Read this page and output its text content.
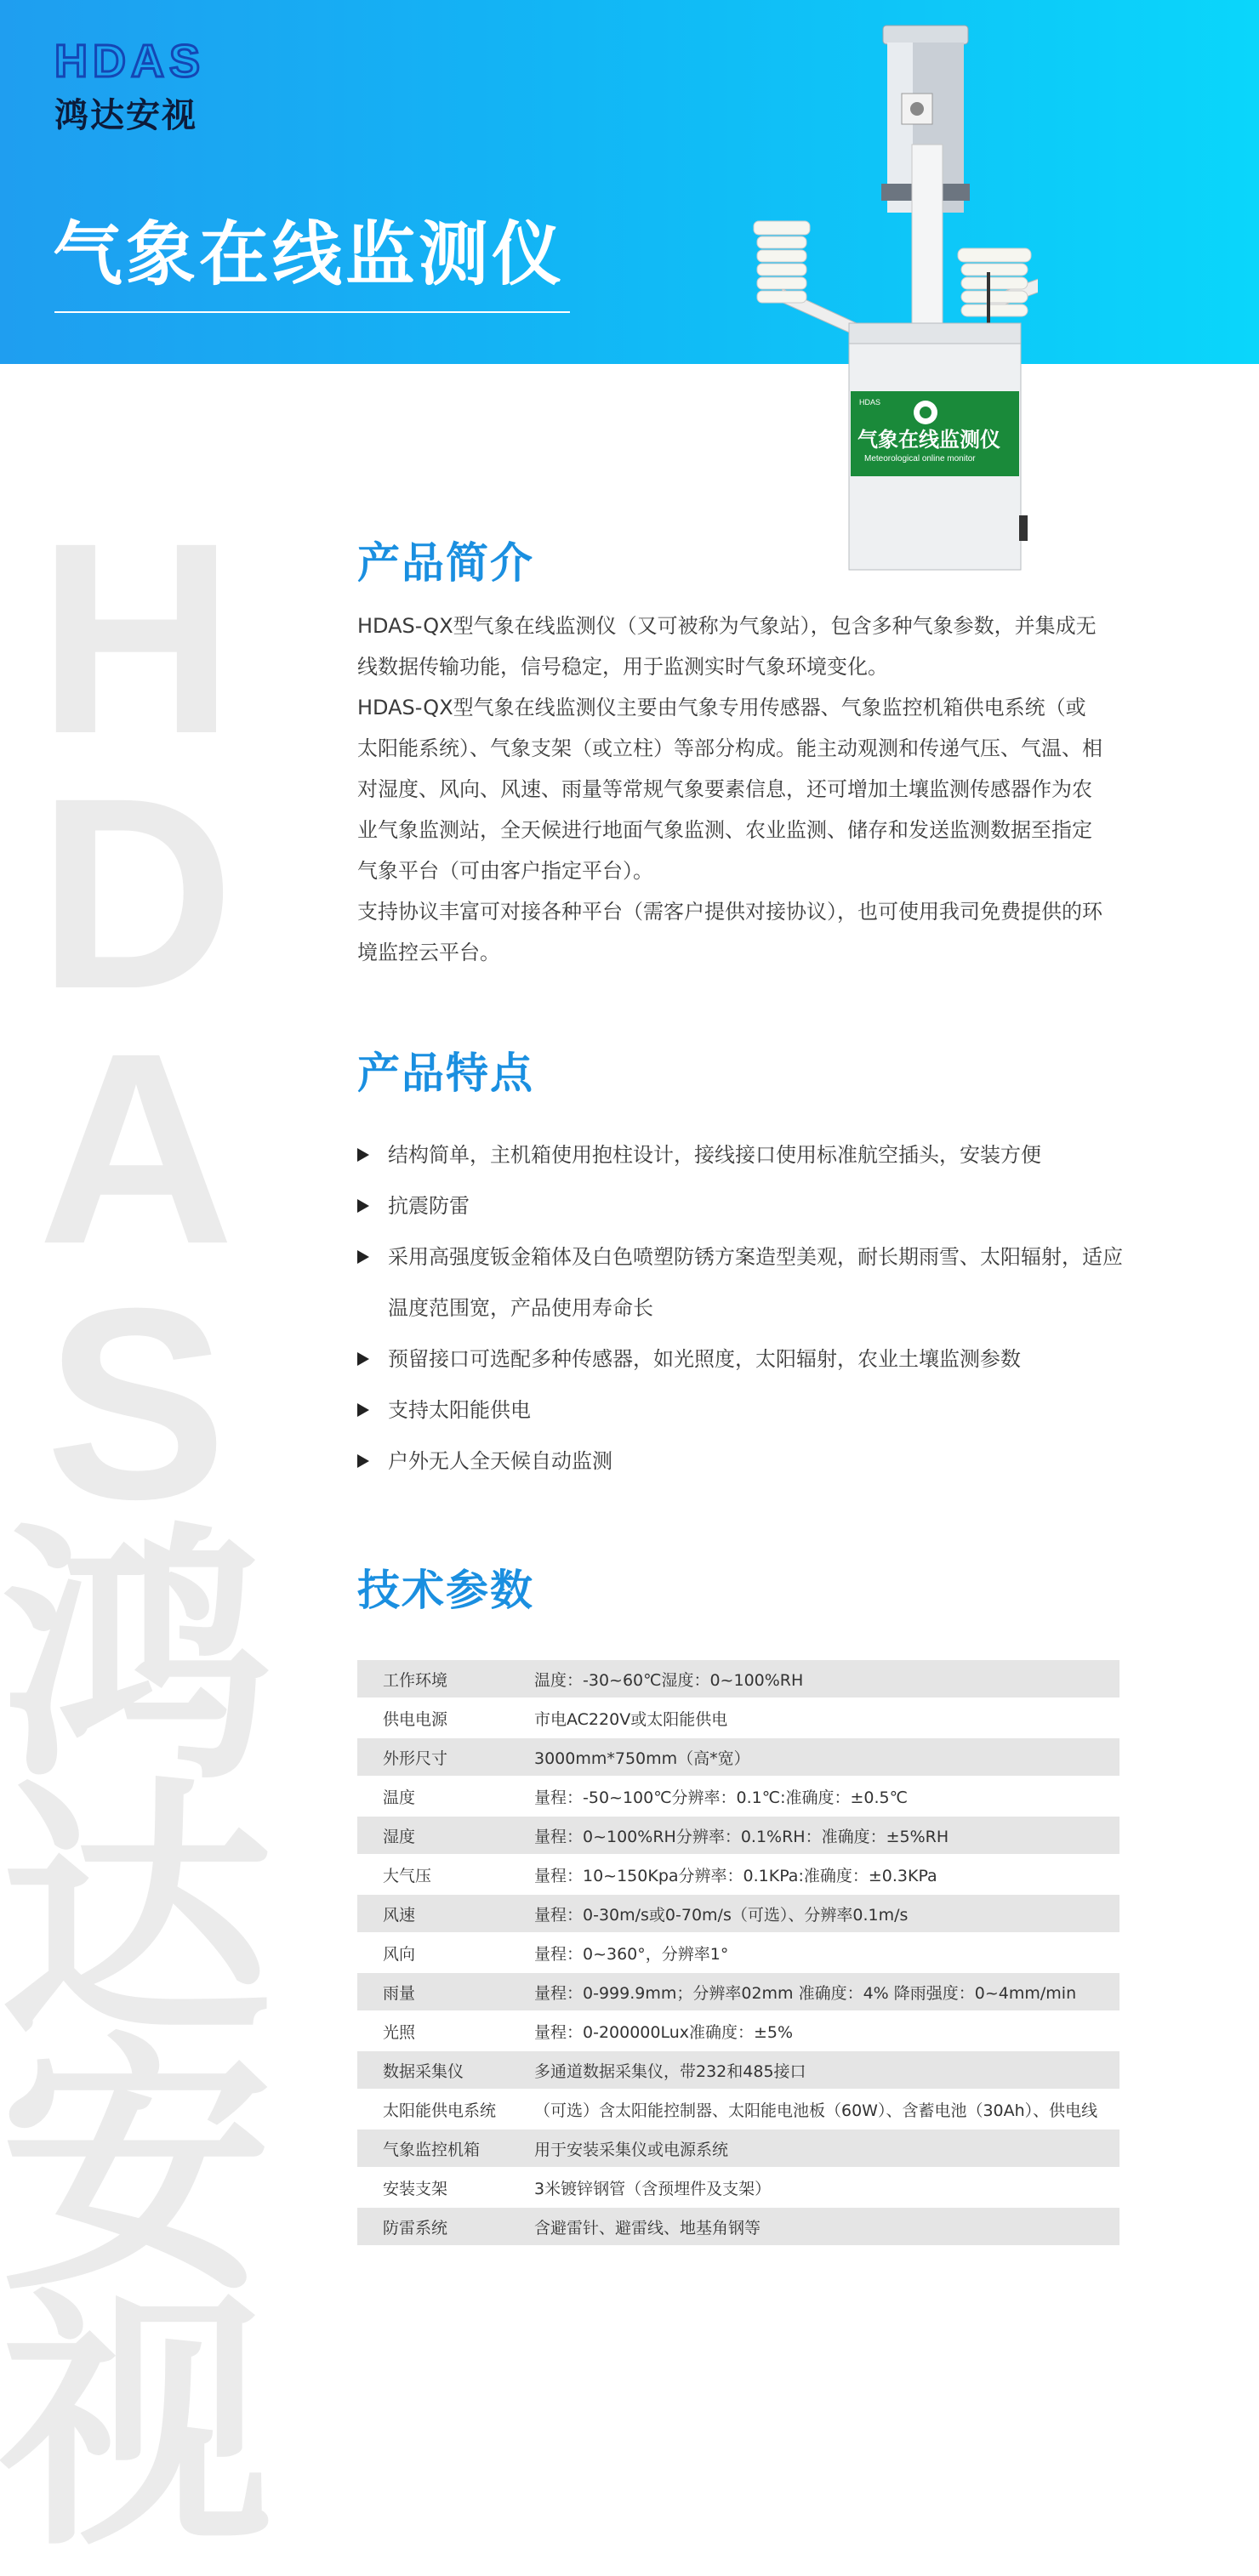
HDAS
鸿达安视
气象在线监测仪
H
D
A
S
鸿
达
安
视
HDAS
气象在线监测仪
Meteorological online monitor
产品简介

HDAS-QX型气象在线监测仪（又可被称为气象站），包含多种气象参数，并集成无线数据传输功能，信号稳定，用于监测实时气象环境变化。

HDAS-QX型气象在线监测仪主要由气象专用传感器、气象监控机箱供电系统（或太阳能系统）、气象支架（或立柱）等部分构成。能主动观测和传递气压、气温、相对湿度、风向、风速、雨量等常规气象要素信息，还可增加土壤监测传感器作为农业气象监测站，全天候进行地面气象监测、农业监测、储存和发送监测数据至指定气象平台（可由客户指定平台）。

支持协议丰富可对接各种平台（需客户提供对接协议），也可使用我司免费提供的环境监控云平台。

产品特点
结构简单，主机箱使用抱柱设计，接线接口使用标准航空插头，安装方便
抗震防雷
采用高强度钣金箱体及白色喷塑防锈方案造型美观，耐长期雨雪、太阳辐射，适应温度范围宽，产品使用寿命长
预留接口可选配多种传感器，如光照度，太阳辐射，农业土壤监测参数
支持太阳能供电
户外无人全天候自动监测
技术参数
工作环境	温度：-30~60℃湿度：0~100%RH
供电电源	市电AC220V或太阳能供电
外形尺寸	3000mm*750mm（高*宽）
温度	量程：-50~100℃分辨率：0.1℃:准确度：±0.5℃
湿度	量程：0~100%RH分辨率：0.1%RH：准确度：±5%RH
大气压	量程：10~150Kpa分辨率：0.1KPa:准确度：±0.3KPa
风速	量程：0-30m/s或0-70m/s（可选）、分辨率0.1m/s
风向	量程：0~360°，分辨率1°
雨量	量程：0-999.9mm；分辨率02mm 准确度：4% 降雨强度：0~4mm/min
光照	量程：0-200000Lux准确度：±5%
数据采集仪	多通道数据采集仪，带232和485接口
太阳能供电系统	（可选）含太阳能控制器、太阳能电池板（60W）、含蓄电池（30Ah）、供电线
气象监控机箱	用于安装采集仪或电源系统
安装支架	3米镀锌钢管（含预埋件及支架）
防雷系统	含避雷针、避雷线、地基角钢等
